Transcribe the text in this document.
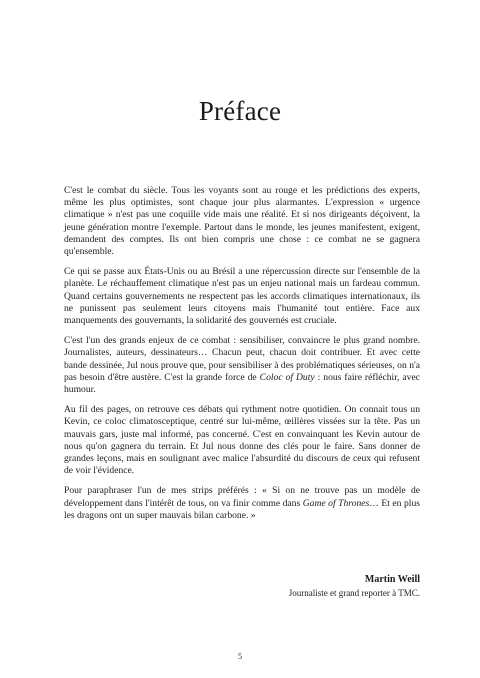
Préface

C'est le combat du siècle. Tous les voyants sont au rouge et les prédictions des experts, même les plus optimistes, sont chaque jour plus alarmantes. L'expression « urgence climatique » n'est pas une coquille vide mais une réalité. Et si nos dirigeants déçoivent, la jeune génération montre l'exemple. Partout dans le monde, les jeunes manifestent, exigent, demandent des comptes. Ils ont bien compris une chose : ce combat ne se gagnera qu'ensemble.

Ce qui se passe aux États-Unis ou au Brésil a une répercussion directe sur l'ensemble de la planète. Le réchauffement climatique n'est pas un enjeu national mais un fardeau commun. Quand certains gouvernements ne respectent pas les accords climatiques internationaux, ils ne punissent pas seulement leurs citoyens mais l'humanité tout entière. Face aux manquements des gouvernants, la solidarité des gouvernés est cruciale.

C'est l'un des grands enjeux de ce combat : sensibiliser, convaincre le plus grand nombre. Journalistes, auteurs, dessinateurs… Chacun peut, chacun doit contribuer. Et avec cette bande dessinée, Jul nous prouve que, pour sensibiliser à des problématiques sérieuses, on n'a pas besoin d'être austère. C'est la grande force de Coloc of Duty : nous faire réfléchir, avec humour.

Au fil des pages, on retrouve ces débats qui rythment notre quotidien. On connait tous un Kevin, ce coloc climatosceptique, centré sur lui-même, œillères vissées sur la tête. Pas un mauvais gars, juste mal informé, pas concerné. C'est en convainquant les Kevin autour de nous qu'on gagnera du terrain. Et Jul nous donne des clés pour le faire. Sans donner de grandes leçons, mais en soulignant avec malice l'absurdité du discours de ceux qui refusent de voir l'évidence.

Pour paraphraser l'un de mes strips préférés : « Si on ne trouve pas un modèle de développement dans l'intérêt de tous, on va finir comme dans Game of Thrones… Et en plus les dragons ont un super mauvais bilan carbone. »

Martin Weill
Journaliste et grand reporter à TMC.
5
